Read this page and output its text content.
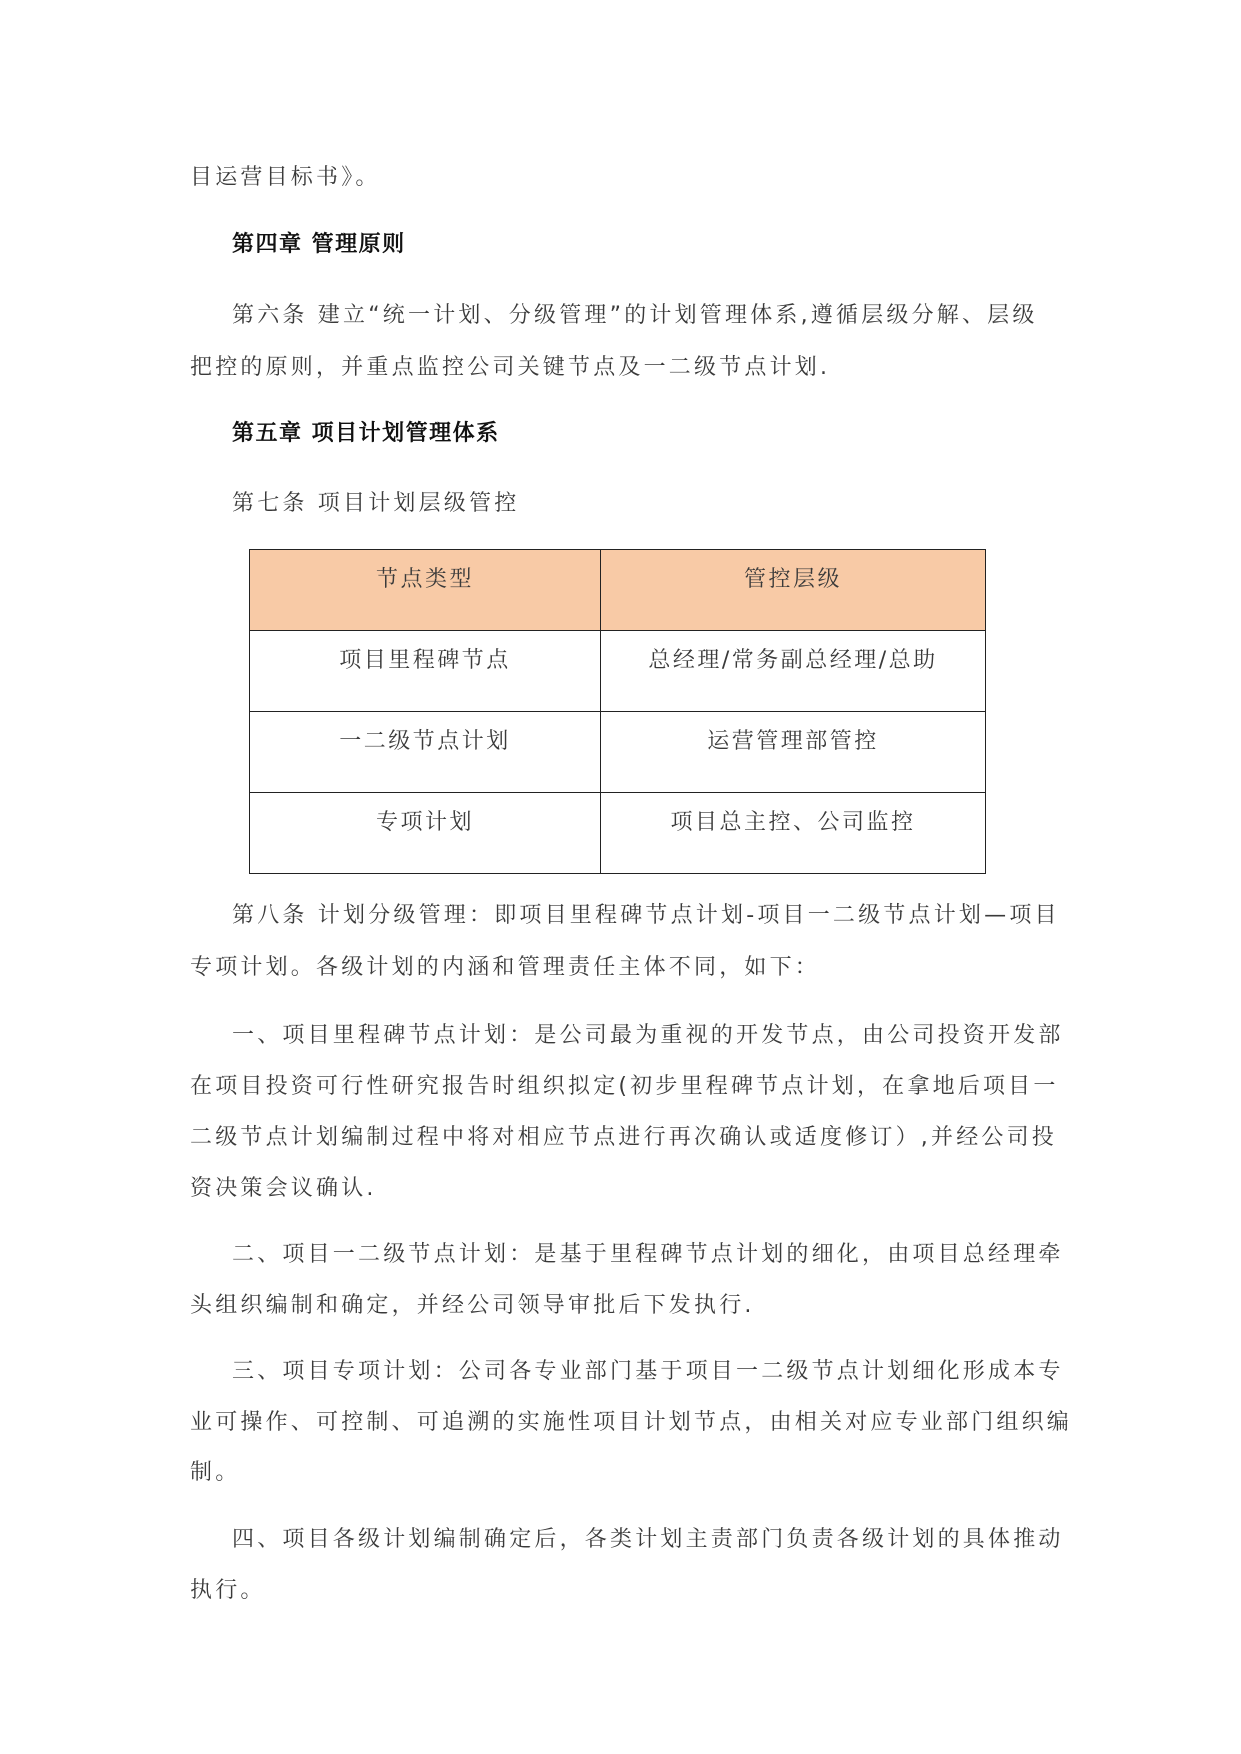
目运营目标书》。
第四章 管理原则
第六条 建立“统一计划、分级管理”的计划管理体系,遵循层级分解、层级
把控的原则，并重点监控公司关键节点及一二级节点计划.
第五章 项目计划管理体系
第七条 项目计划层级管控
节点类型	管控层级
项目里程碑节点	总经理/常务副总经理/总助
一二级节点计划	运营管理部管控
专项计划	项目总主控、公司监控
第八条 计划分级管理：即项目里程碑节点计划-项目一二级节点计划—项目
专项计划。各级计划的内涵和管理责任主体不同，如下：
一、项目里程碑节点计划：是公司最为重视的开发节点，由公司投资开发部
在项目投资可行性研究报告时组织拟定(初步里程碑节点计划，在拿地后项目一
二级节点计划编制过程中将对相应节点进行再次确认或适度修订）,并经公司投
资决策会议确认.
二、项目一二级节点计划：是基于里程碑节点计划的细化，由项目总经理牵
头组织编制和确定，并经公司领导审批后下发执行.
三、项目专项计划：公司各专业部门基于项目一二级节点计划细化形成本专
业可操作、可控制、可追溯的实施性项目计划节点，由相关对应专业部门组织编
制。
四、项目各级计划编制确定后，各类计划主责部门负责各级计划的具体推动
执行。
